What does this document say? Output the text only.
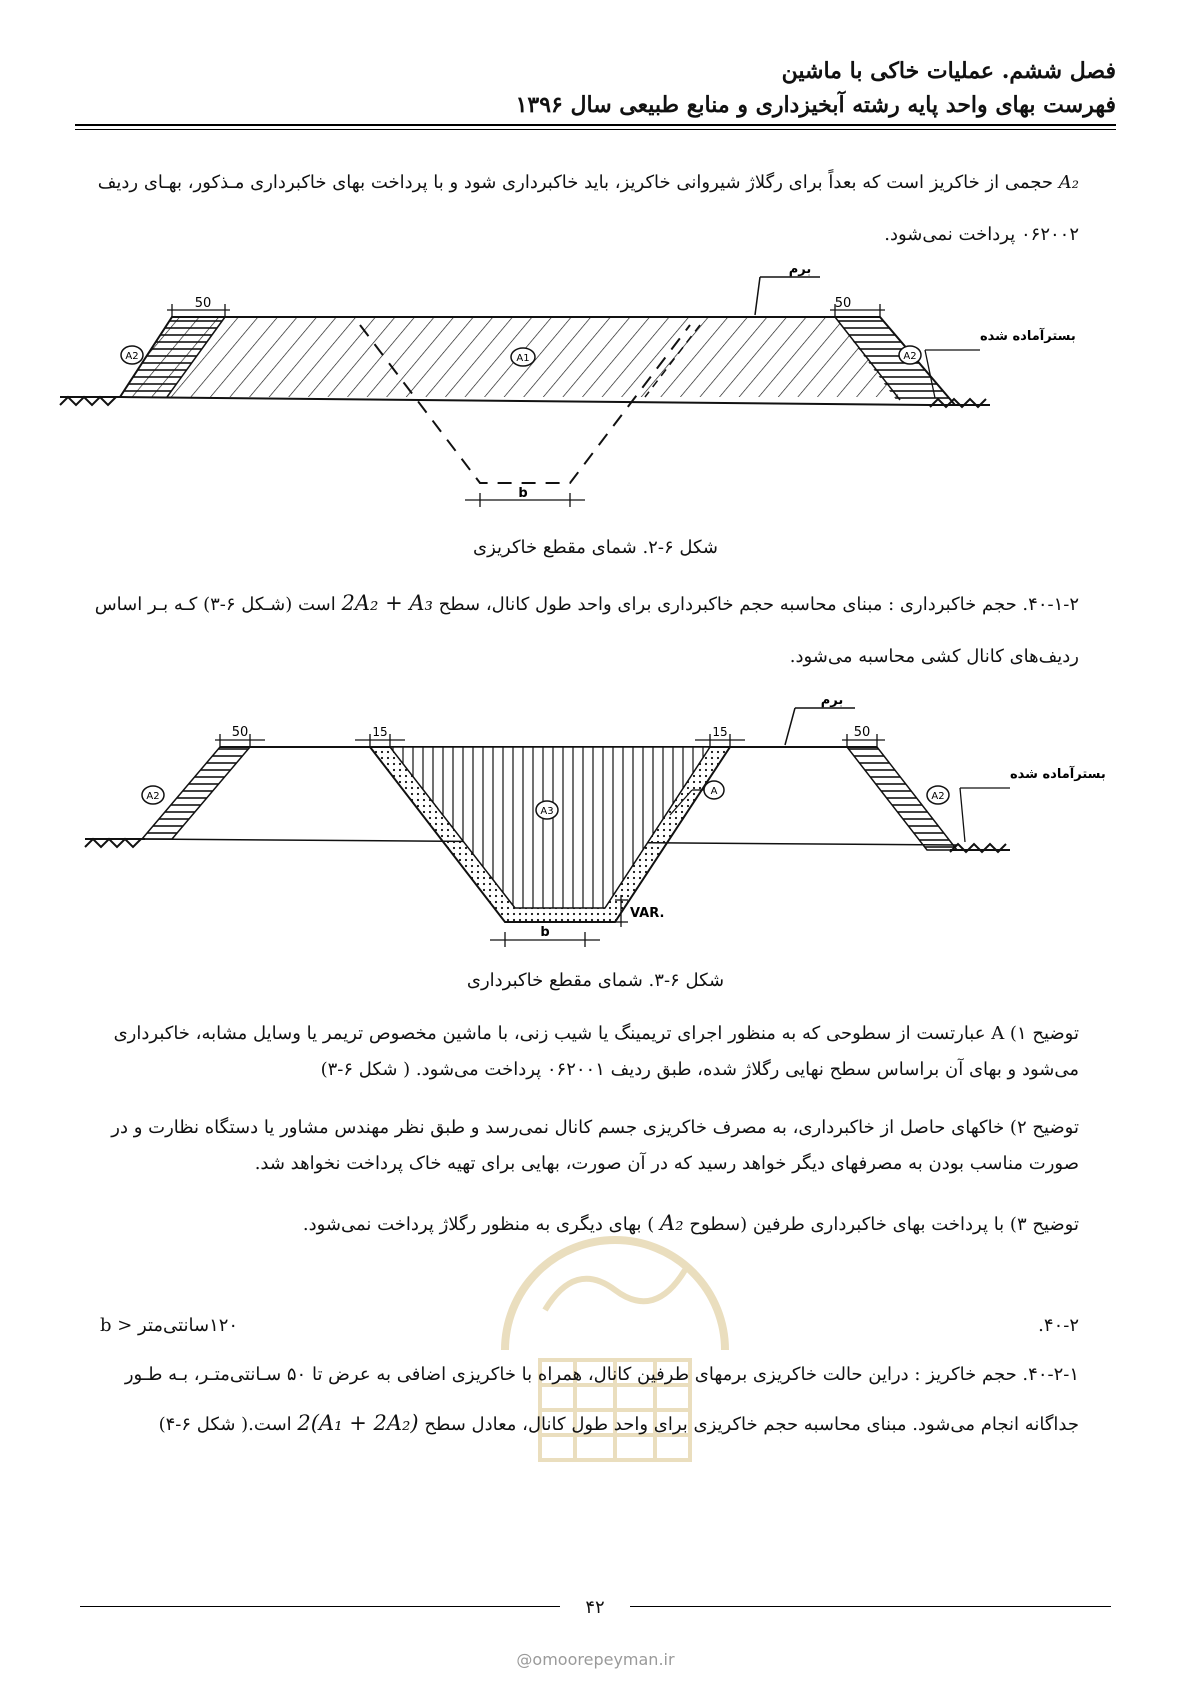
فصل ششم. عملیات خاکی با ماشین
فهرست بهای واحد پایه رشته آبخیزداری و منابع طبیعی سال ۱۳۹۶
A₂ حجمی از خاکریز است که بعداً برای رگلاژ شیروانی خاکریز، باید خاکبرداری شود و با پرداخت بهای خاکبرداری مـذکور، بهـای ردیف ۰۶۲۰۰۲ پرداخت نمی‌شود.
50	50
برم
بسترآماده شده
A2	A1	A2
b
شکل ۶-۲. شمای مقطع خاکریزی
۴۰-۱-۲. حجم خاکبرداری : مبنای محاسبه حجم خاکبرداری برای واحد طول کانال، سطح 2A₂ + A₃ است (شـکل ۶-۳) کـه بـر اساس ردیف‌های کانال کشی محاسبه می‌شود.
50	50
15	15
برم
بسترآماده شده
A
A3
A2	A2
VAR.
b
شکل ۶-۳. شمای مقطع خاکبرداری
توضیح ۱) A عبارتست از سطوحی که به منظور اجرای تریمینگ یا شیب زنی، با ماشین مخصوص تریمر یا وسایل مشابه، خاکبرداری می‌شود و بهای آن براساس سطح نهایی رگلاژ شده، طبق ردیف ۰۶۲۰۰۱ پرداخت می‌شود. ( شکل ۶-۳)
توضیح ۲) خاکهای حاصل از خاکبرداری، به مصرف خاکریزی جسم کانال نمی‌رسد و طبق نظر مهندس مشاور یا دستگاه نظارت و در صورت مناسب بودن به مصرفهای دیگر خواهد رسید که در آن صورت، بهایی برای تهیه خاک پرداخت نخواهد شد.
توضیح ۳) با پرداخت بهای خاکبرداری طرفین (سطوح A₂ ) بهای دیگری به منظور رگلاژ پرداخت نمی‌شود.
۴۰-۲.
۱۲۰سانتی‌متر < b
۴۰-۲-۱. حجم خاکریز : دراین حالت خاکریزی برمهای طرفین کانال، همراه با خاکریزی اضافی به عرض تا ۵۰ سـانتی‌متـر، بـه طـور
جداگانه انجام می‌شود. مبنای محاسبه حجم خاکریزی برای واحد طول کانال، معادل سطح 2(A₁ + 2A₂) است.( شکل ۶-۴)
۴۲
@omoorepeyman.ir
